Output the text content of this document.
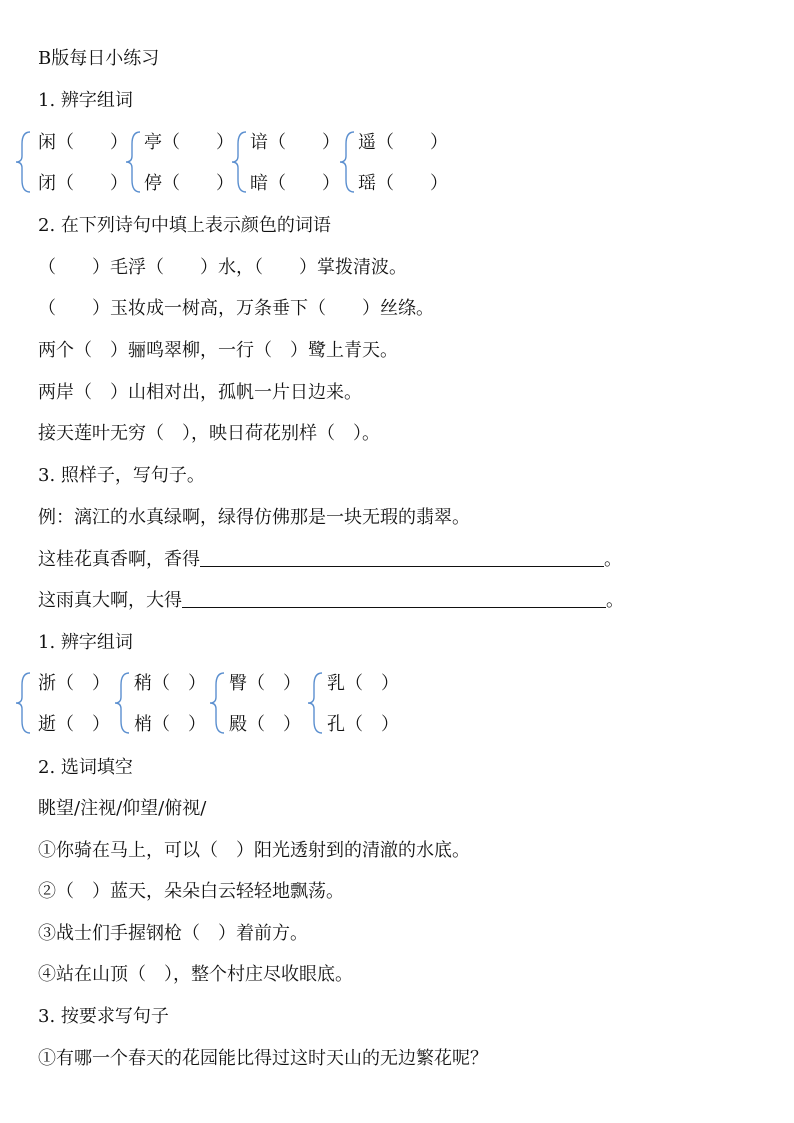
B版每日小练习
1. 辨字组词
闲（　　）
闭（　　）
亭（　　）
停（　　）
谙（　　）
暗（　　）
遥（　　）
瑶（　　）
2. 在下列诗句中填上表示颜色的词语
（　　）毛浮（　　）水，（　　）掌拨清波。
（　　）玉妆成一树高，万条垂下（　　）丝绦。
两个（　）骊鸣翠柳，一行（　）鹭上青天。
两岸（　）山相对出，孤帆一片日边来。
接天莲叶无穷（　），映日荷花别样（　）。
3. 照样子，写句子。
例：漓江的水真绿啊，绿得仿佛那是一块无瑕的翡翠。
这桂花真香啊，香得	。
这雨真大啊，大得	。
1. 辨字组词
浙（　）
逝（　）
稍（　）
梢（　）
臀（　）
殿（　）
乳（　）
孔（　）
2. 选词填空
眺望/注视/仰望/俯视/
①你骑在马上，可以（　）阳光透射到的清澈的水底。
②（　）蓝天，朵朵白云轻轻地飘荡。
③战士们手握钢枪（　）着前方。
④站在山顶（　），整个村庄尽收眼底。
3. 按要求写句子
①有哪一个春天的花园能比得过这时天山的无边繁花呢？
